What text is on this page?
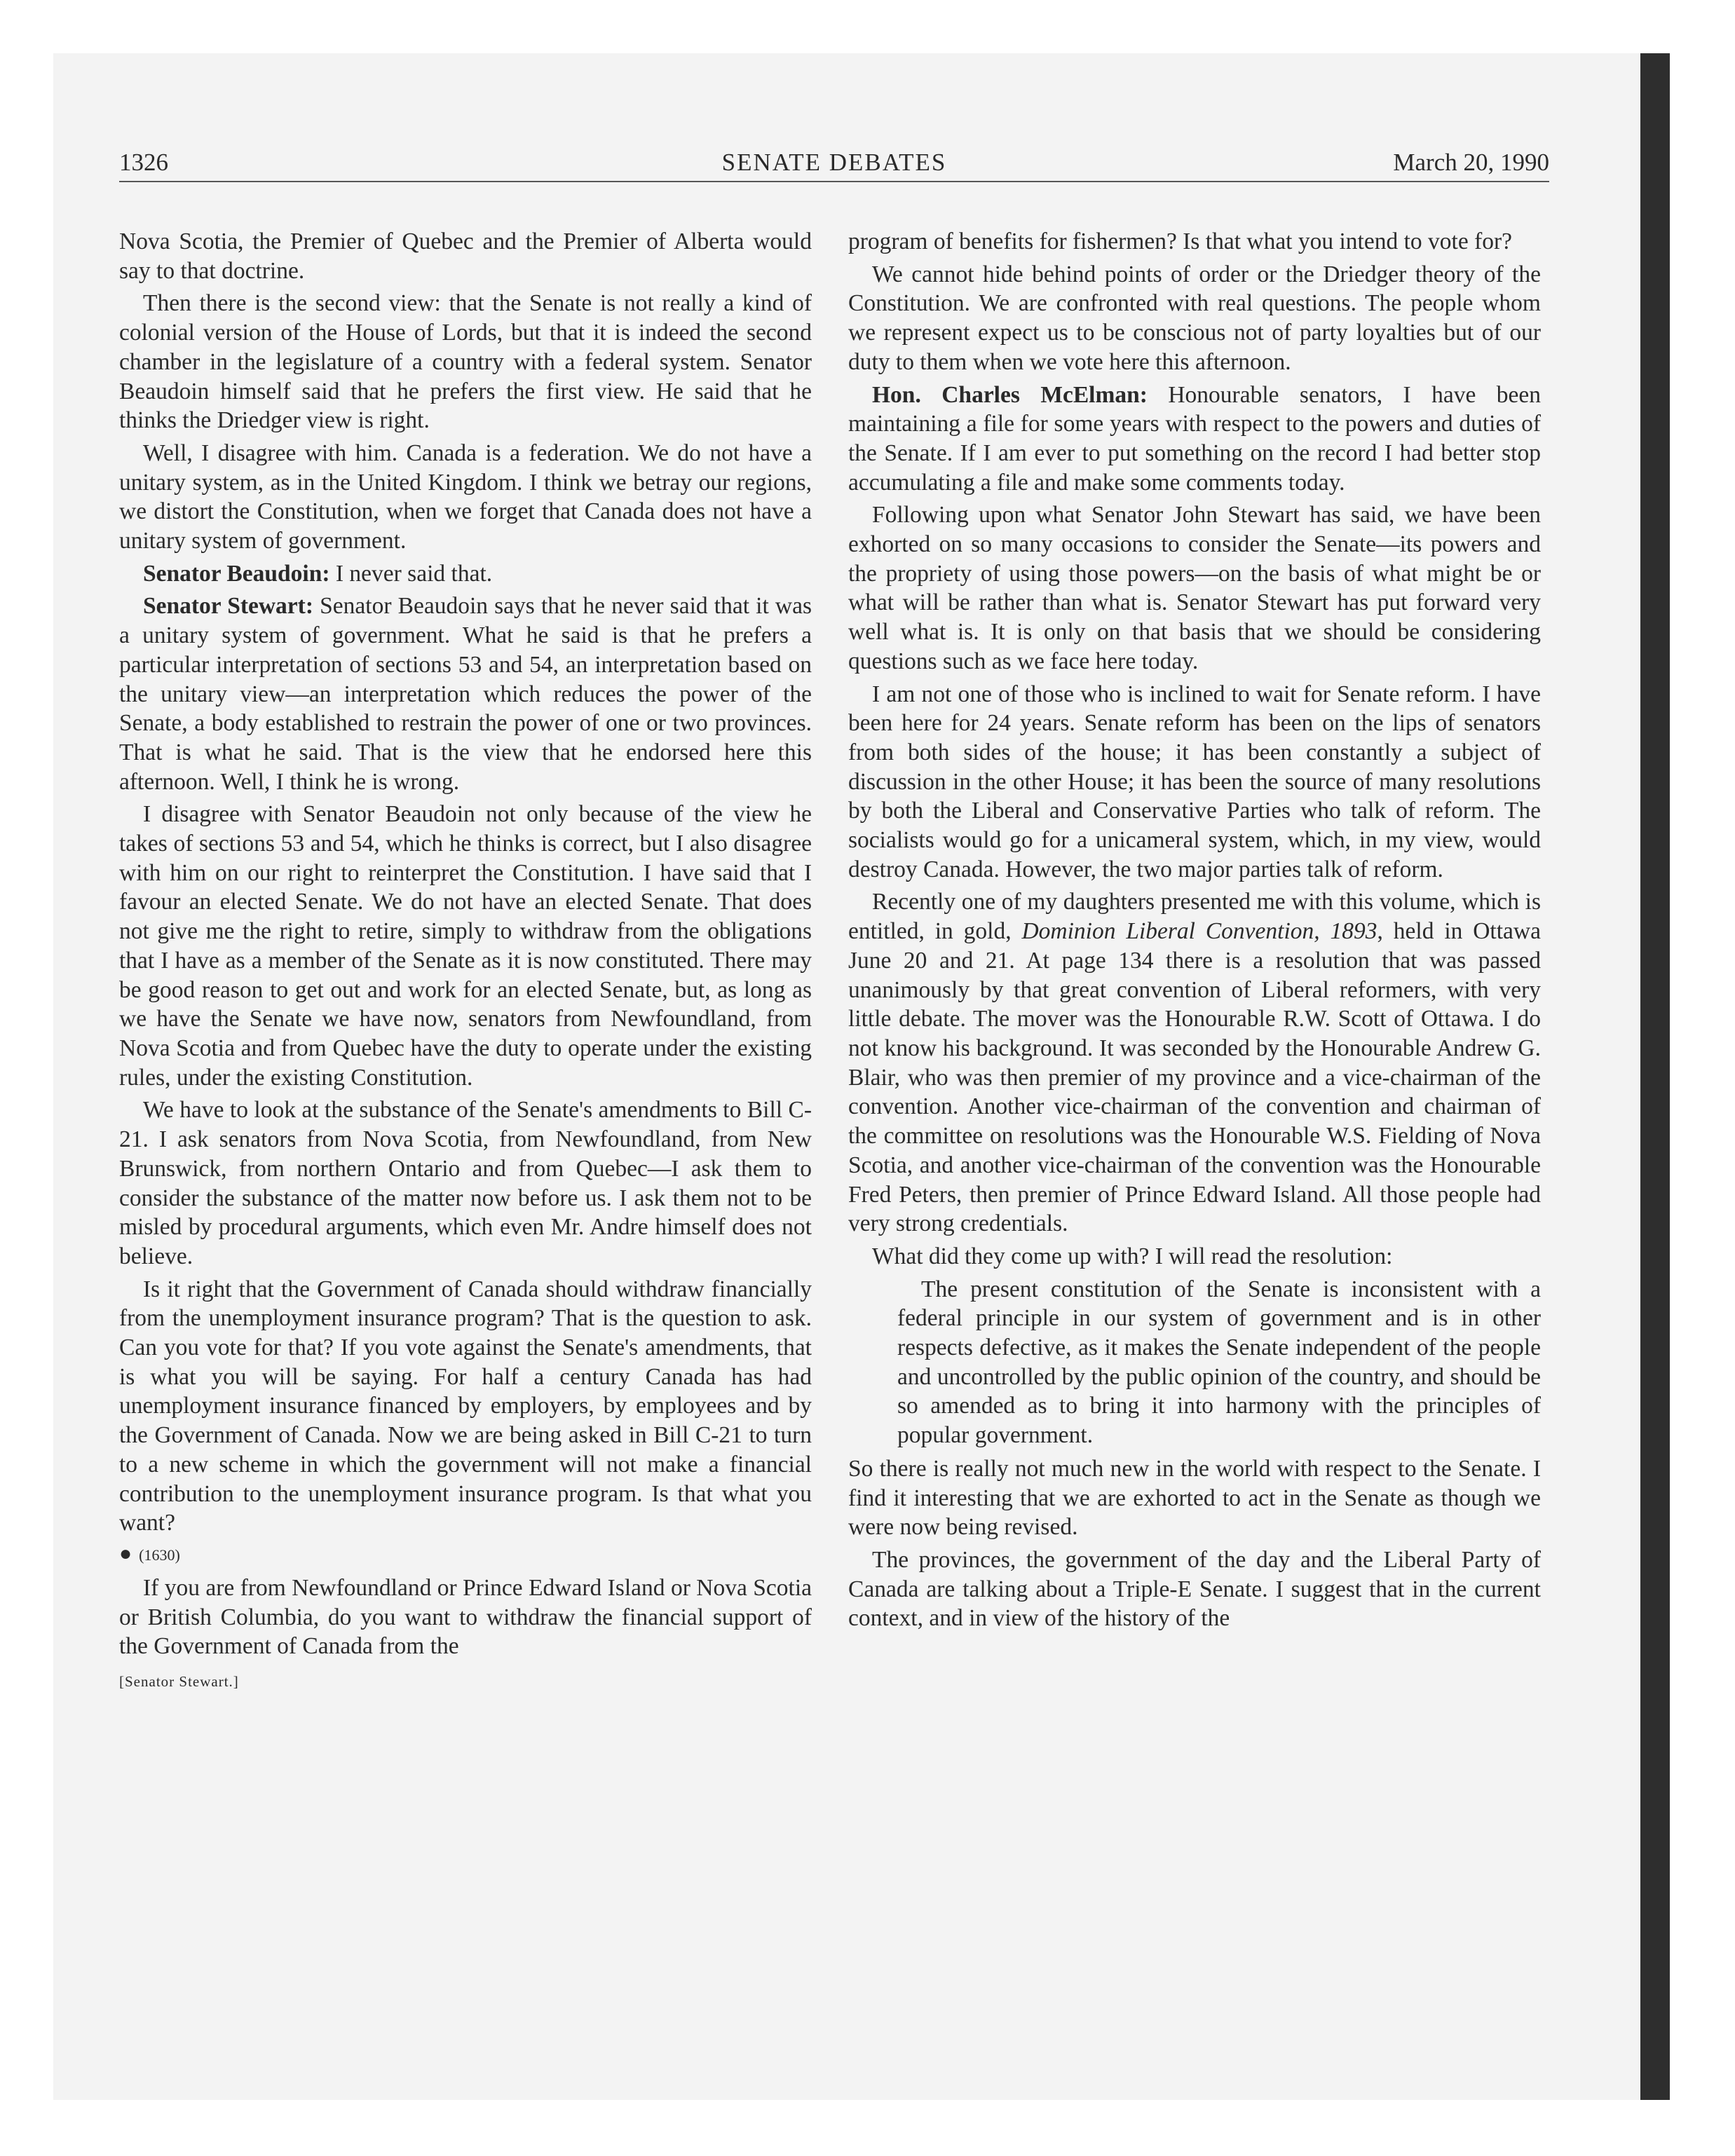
1326	SENATE DEBATES	March 20, 1990

Nova Scotia, the Premier of Quebec and the Premier of Alberta would say to that doctrine.

Then there is the second view: that the Senate is not really a kind of colonial version of the House of Lords, but that it is indeed the second chamber in the legislature of a country with a federal system. Senator Beaudoin himself said that he prefers the first view. He said that he thinks the Driedger view is right.

Well, I disagree with him. Canada is a federation. We do not have a unitary system, as in the United Kingdom. I think we betray our regions, we distort the Constitution, when we forget that Canada does not have a unitary system of government.

Senator Beaudoin: I never said that.

Senator Stewart: Senator Beaudoin says that he never said that it was a unitary system of government. What he said is that he prefers a particular interpretation of sections 53 and 54, an interpretation based on the unitary view—an interpretation which reduces the power of the Senate, a body established to restrain the power of one or two provinces. That is what he said. That is the view that he endorsed here this afternoon. Well, I think he is wrong.

I disagree with Senator Beaudoin not only because of the view he takes of sections 53 and 54, which he thinks is correct, but I also disagree with him on our right to reinterpret the Constitution. I have said that I favour an elected Senate. We do not have an elected Senate. That does not give me the right to retire, simply to withdraw from the obligations that I have as a member of the Senate as it is now constituted. There may be good reason to get out and work for an elected Senate, but, as long as we have the Senate we have now, senators from Newfoundland, from Nova Scotia and from Quebec have the duty to operate under the existing rules, under the existing Constitution.

We have to look at the substance of the Senate's amendments to Bill C-21. I ask senators from Nova Scotia, from Newfoundland, from New Brunswick, from northern Ontario and from Quebec—I ask them to consider the substance of the matter now before us. I ask them not to be misled by procedural arguments, which even Mr. Andre himself does not believe.

Is it right that the Government of Canada should withdraw financially from the unemployment insurance program? That is the question to ask. Can you vote for that? If you vote against the Senate's amendments, that is what you will be saying. For half a century Canada has had unemployment insurance financed by employers, by employees and by the Government of Canada. Now we are being asked in Bill C-21 to turn to a new scheme in which the government will not make a financial contribution to the unemployment insurance program. Is that what you want?

● (1630)

If you are from Newfoundland or Prince Edward Island or Nova Scotia or British Columbia, do you want to withdraw the financial support of the Government of Canada from the

[Senator Stewart.]

program of benefits for fishermen? Is that what you intend to vote for?

We cannot hide behind points of order or the Driedger theory of the Constitution. We are confronted with real questions. The people whom we represent expect us to be conscious not of party loyalties but of our duty to them when we vote here this afternoon.

Hon. Charles McElman: Honourable senators, I have been maintaining a file for some years with respect to the powers and duties of the Senate. If I am ever to put something on the record I had better stop accumulating a file and make some comments today.

Following upon what Senator John Stewart has said, we have been exhorted on so many occasions to consider the Senate—its powers and the propriety of using those powers—on the basis of what might be or what will be rather than what is. Senator Stewart has put forward very well what is. It is only on that basis that we should be considering questions such as we face here today.

I am not one of those who is inclined to wait for Senate reform. I have been here for 24 years. Senate reform has been on the lips of senators from both sides of the house; it has been constantly a subject of discussion in the other House; it has been the source of many resolutions by both the Liberal and Conservative Parties who talk of reform. The socialists would go for a unicameral system, which, in my view, would destroy Canada. However, the two major parties talk of reform.

Recently one of my daughters presented me with this volume, which is entitled, in gold, Dominion Liberal Convention, 1893, held in Ottawa June 20 and 21. At page 134 there is a resolution that was passed unanimously by that great convention of Liberal reformers, with very little debate. The mover was the Honourable R.W. Scott of Ottawa. I do not know his background. It was seconded by the Honourable Andrew G. Blair, who was then premier of my province and a vice-chairman of the convention. Another vice-chairman of the convention and chairman of the committee on resolutions was the Honourable W.S. Fielding of Nova Scotia, and another vice-chairman of the convention was the Honourable Fred Peters, then premier of Prince Edward Island. All those people had very strong credentials.

What did they come up with? I will read the resolution:

The present constitution of the Senate is inconsistent with a federal principle in our system of government and is in other respects defective, as it makes the Senate independent of the people and uncontrolled by the public opinion of the country, and should be so amended as to bring it into harmony with the principles of popular government.

So there is really not much new in the world with respect to the Senate. I find it interesting that we are exhorted to act in the Senate as though we were now being revised.

The provinces, the government of the day and the Liberal Party of Canada are talking about a Triple-E Senate. I suggest that in the current context, and in view of the history of the
